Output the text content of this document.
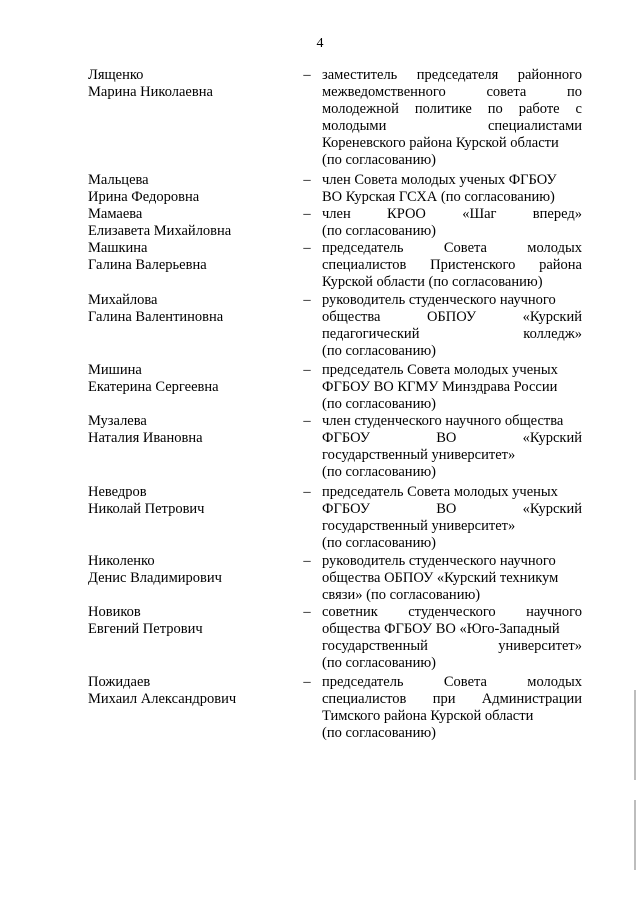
4
Лященко
Марина Николаевна
– заместитель председателя районного
межведомственного	совета	по
молодежной политике по работе с
молодыми	специалистами
Кореневского района Курской области
(по согласованию)
Мальцева
Ирина Федоровна
– член Совета молодых ученых ФГБОУ
ВО Курская ГСХА (по согласованию)
Мамаева
Елизавета Михайловна
– член	КРОО	«Шаг	вперед»
(по согласованию)
Машкина
Галина Валерьевна
– председатель	Совета	молодых
специалистов Пристенского района
Курской области (по согласованию)
Михайлова
Галина Валентиновна
– руководитель студенческого научного
общества	ОБПОУ	«Курский
педагогический	колледж»
(по согласованию)
Мишина
Екатерина Сергеевна
– председатель Совета молодых ученых
ФГБОУ ВО КГМУ Минздрава России
(по согласованию)
Музалева
Наталия Ивановна
– член студенческого научного общества
ФГБОУ	ВО	«Курский
государственный университет»
(по согласованию)
Неведров
Николай Петрович
– председатель Совета молодых ученых
ФГБОУ	ВО	«Курский
государственный университет»
(по согласованию)
Николенко
Денис Владимирович
– руководитель студенческого научного
общества ОБПОУ «Курский техникум
связи» (по согласованию)
Новиков
Евгений Петрович
– советник студенческого научного
общества ФГБОУ ВО «Юго-Западный
государственный	университет»
(по согласованию)
Пожидаев
Михаил Александрович
– председатель	Совета	молодых
специалистов при Администрации
Тимского района Курской области
(по согласованию)
